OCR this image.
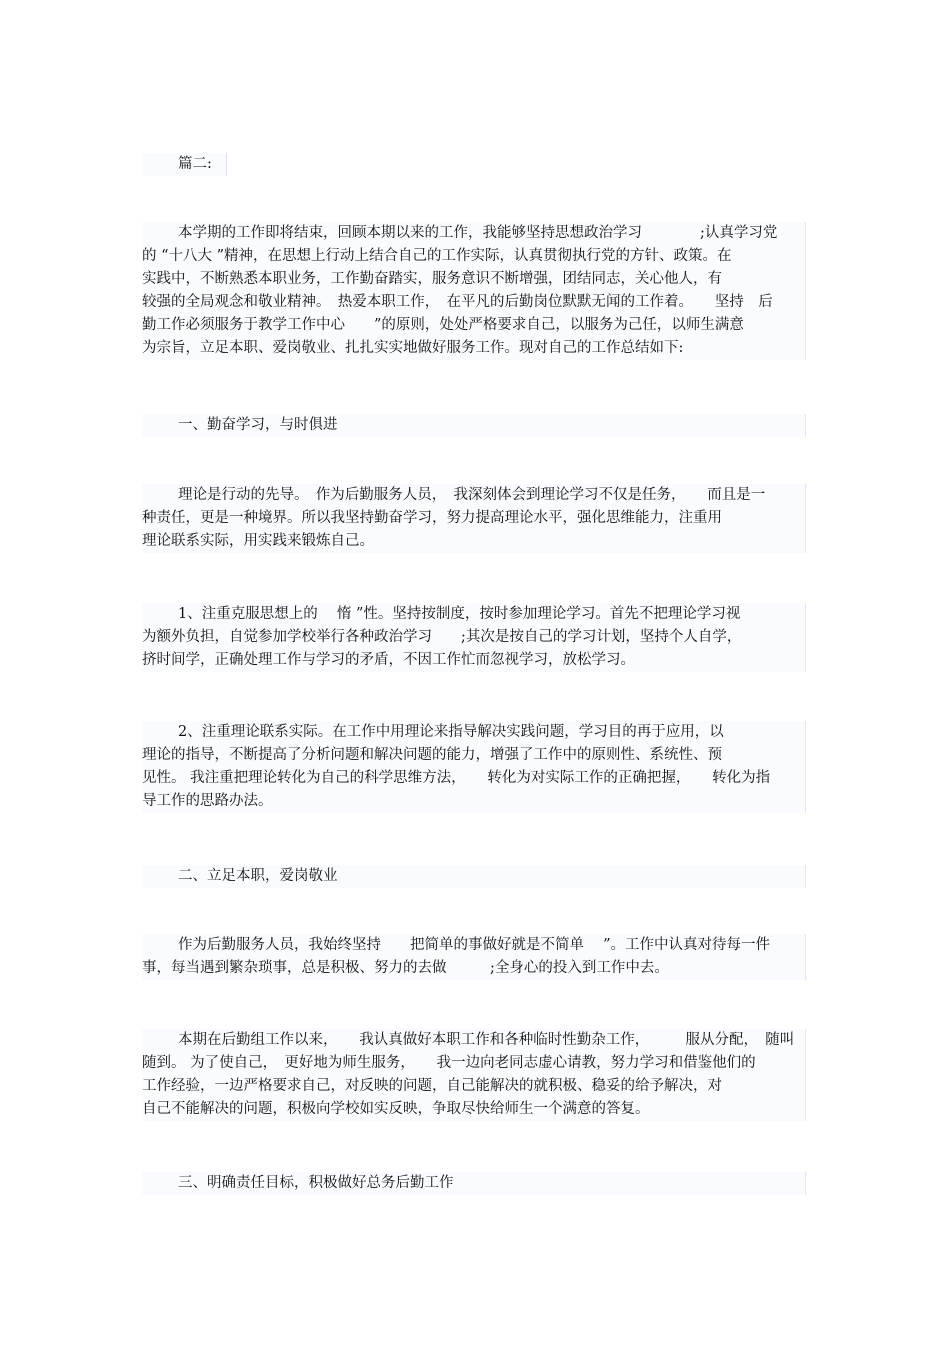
篇二:
本学期的工作即将结束，回顾本期以来的工作，我能够坚持思想政治学习　　　　;认真学习党
的 “十八大 ”精神，在思想上行动上结合自己的工作实际，认真贯彻执行党的方针、政策。在
实践中，不断熟悉本职业务，工作勤奋踏实，服务意识不断增强，团结同志，关心他人，有
较强的全局观念和敬业精神。　热爱本职工作，　在平凡的后勤岗位默默无闻的工作着。　　坚持　后
勤工作必须服务于教学工作中心　　”的原则，处处严格要求自己，以服务为己任，以师生满意
为宗旨，立足本职、爱岗敬业、扎扎实实地做好服务工作。现对自己的工作总结如下:
一、勤奋学习，与时俱进
理论是行动的先导。　作为后勤服务人员，　我深刻体会到理论学习不仅是任务，　　而且是一
种责任，更是一种境界。所以我坚持勤奋学习，努力提高理论水平，强化思维能力，注重用
理论联系实际，用实践来锻炼自己。
1、注重克服思想上的　 惰 ”性。坚持按制度，按时参加理论学习。首先不把理论学习视
为额外负担，自觉参加学校举行各种政治学习　　;其次是按自己的学习计划，坚持个人自学，
挤时间学，正确处理工作与学习的矛盾，不因工作忙而忽视学习，放松学习。
2、注重理论联系实际。在工作中用理论来指导解决实践问题，学习目的再于应用，以
理论的指导，不断提高了分析问题和解决问题的能力，增强了工作中的原则性、系统性、预
见性。 我注重把理论转化为自己的科学思维方法，　　转化为对实际工作的正确把握，　　转化为指
导工作的思路办法。
二、立足本职，爱岗敬业
作为后勤服务人员，我始终坚持　　把简单的事做好就是不简单　 ”。工作中认真对待每一件
事，每当遇到繁杂琐事，总是积极、努力的去做　　　;全身心的投入到工作中去。
本期在后勤组工作以来，　　我认真做好本职工作和各种临时性勤杂工作，　　　服从分配，　随叫
随到。 为了使自己，　更好地为师生服务，　　我一边向老同志虚心请教，努力学习和借鉴他们的
工作经验，一边严格要求自己，对反映的问题，自己能解决的就积极、稳妥的给予解决，对
自己不能解决的问题，积极向学校如实反映，争取尽快给师生一个满意的答复。
三、明确责任目标，积极做好总务后勤工作
